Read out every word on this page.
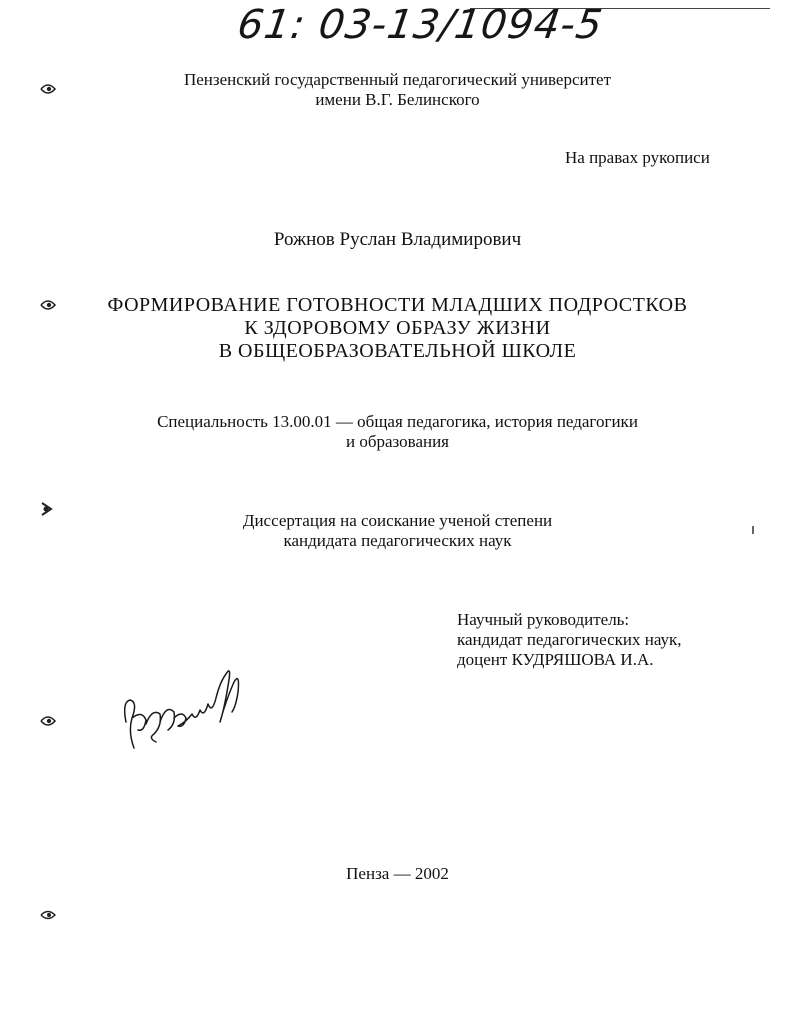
61: 03-13/1094-5
Пензенский государственный педагогический университет
имени В.Г. Белинского
На правах рукописи
Рожнов Руслан Владимирович
ФОРМИРОВАНИЕ ГОТОВНОСТИ МЛАДШИХ ПОДРОСТКОВ
К ЗДОРОВОМУ ОБРАЗУ ЖИЗНИ
В ОБЩЕОБРАЗОВАТЕЛЬНОЙ ШКОЛЕ
Специальность 13.00.01 — общая педагогика, история педагогики
и образования
Диссертация на соискание ученой степени
кандидата педагогических наук
Научный руководитель:
кандидат педагогических наук,
доцент КУДРЯШОВА И.А.
Пенза — 2002
